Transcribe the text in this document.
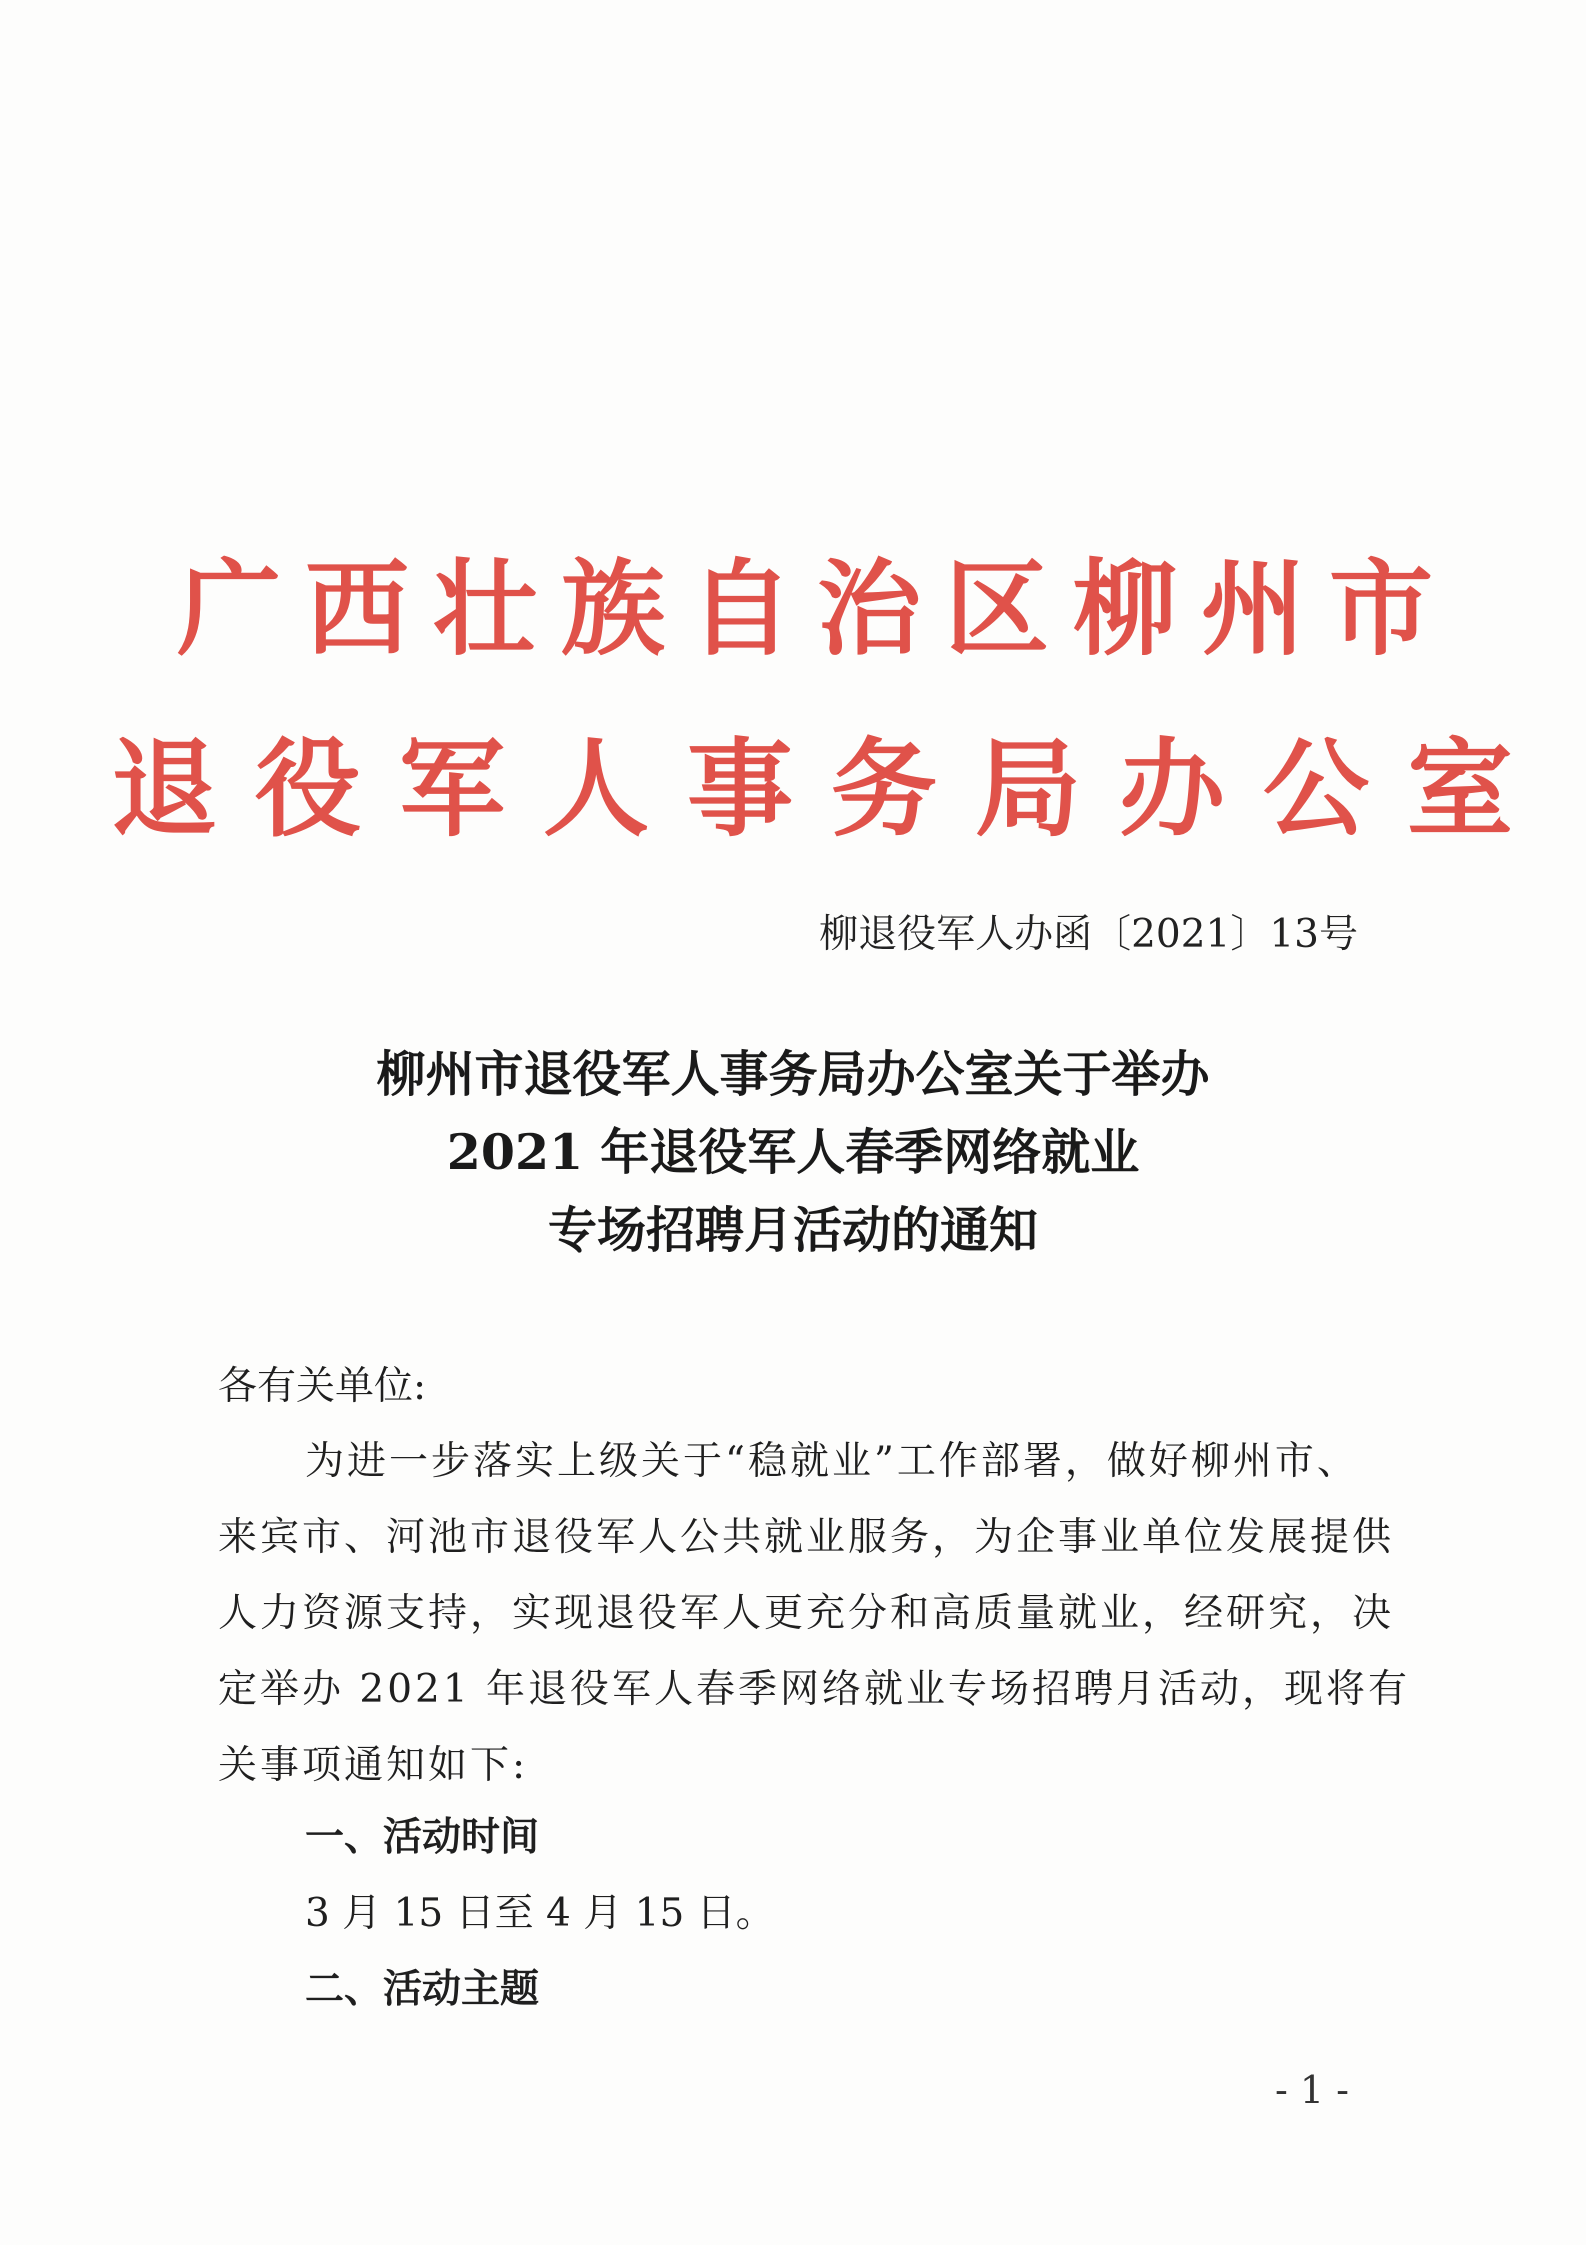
广西壮族自治区柳州市
退役军人事务局办公室
柳退役军人办函〔2021〕13号
柳州市退役军人事务局办公室关于举办
2021 年退役军人春季网络就业
专场招聘月活动的通知
各有关单位:
为进一步落实上级关于“稳就业”工作部署，做好柳州市、
来宾市、河池市退役军人公共就业服务，为企事业单位发展提供
人力资源支持，实现退役军人更充分和高质量就业，经研究，决
定举办 2021 年退役军人春季网络就业专场招聘月活动，现将有
关事项通知如下:
一、活动时间
3 月 15 日至 4 月 15 日。
二、活动主题
- 1 -
